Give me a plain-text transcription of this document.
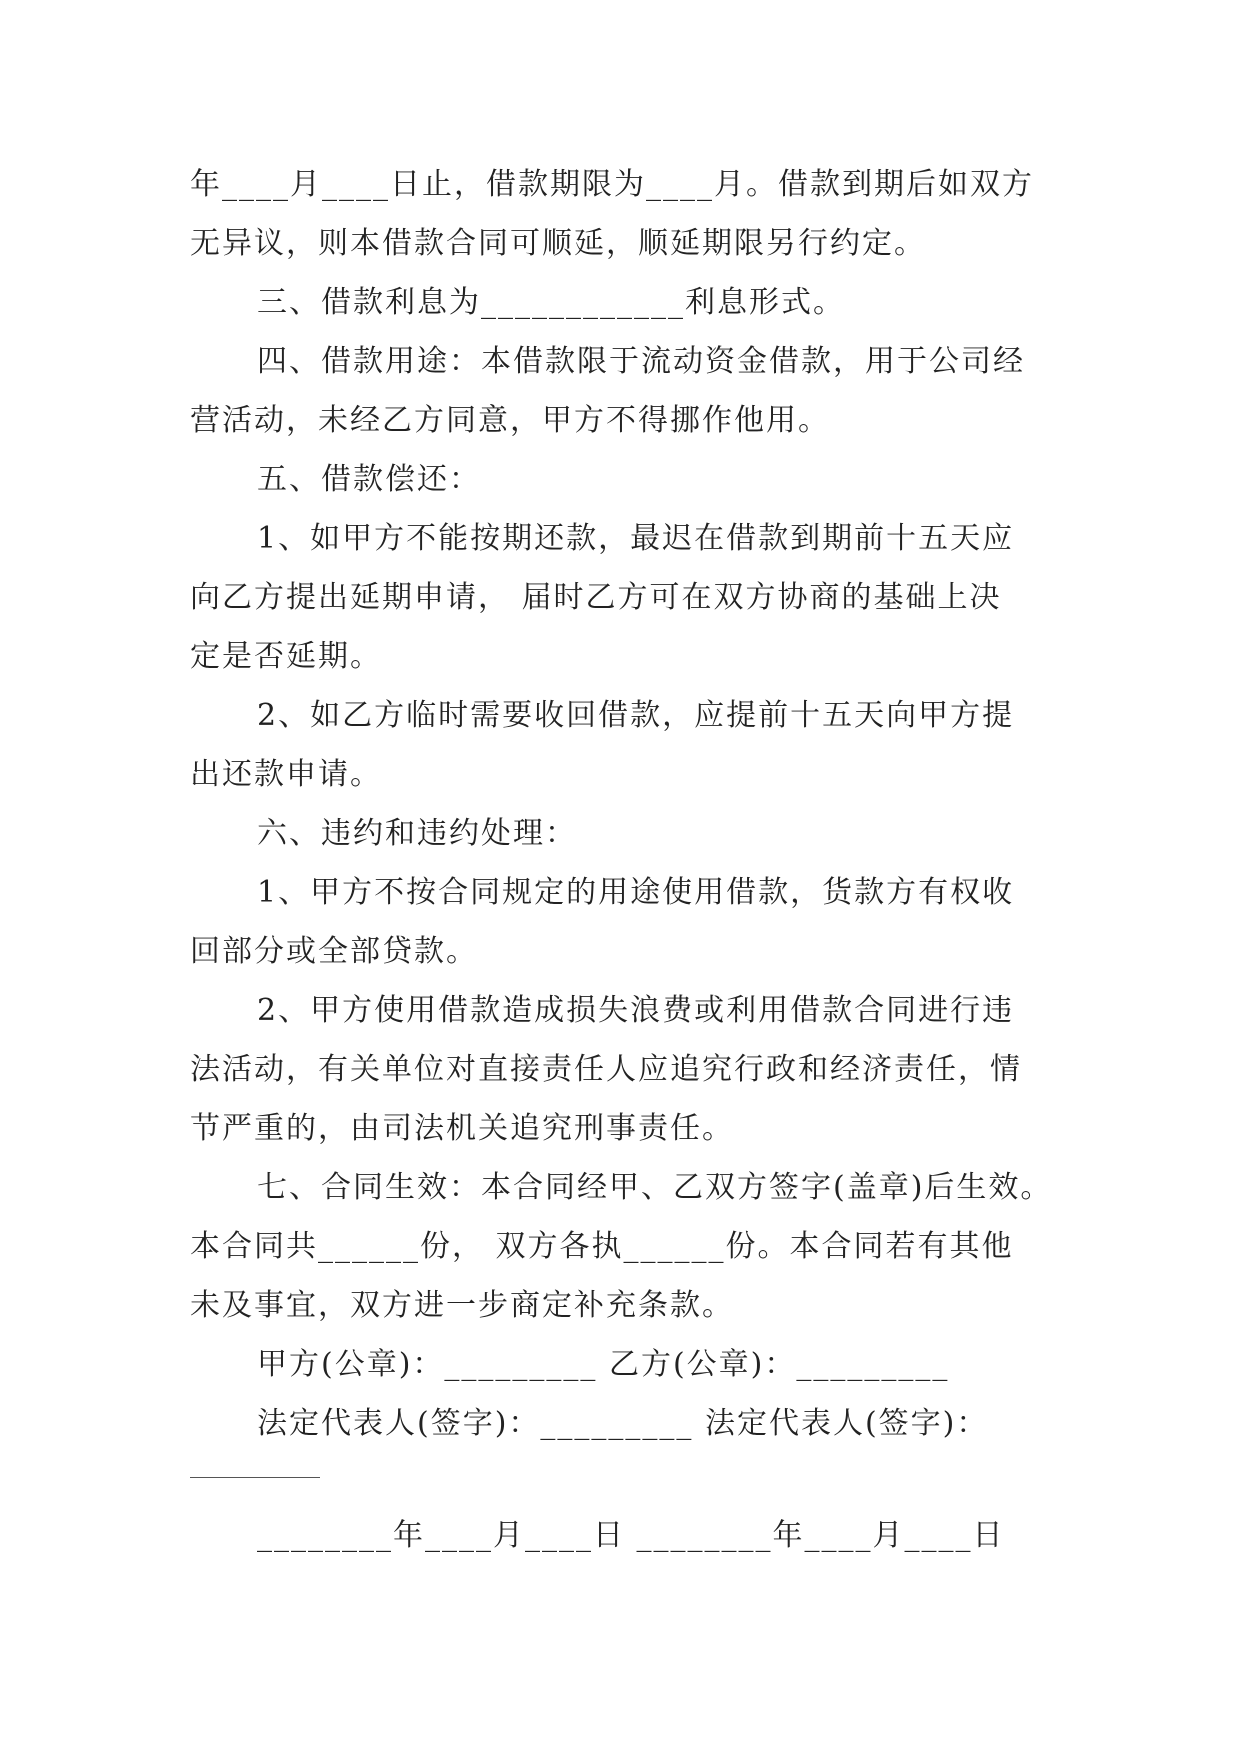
年____月____日止，借款期限为____月。借款到期后如双方
无异议，则本借款合同可顺延，顺延期限另行约定。
三、借款利息为____________利息形式。
四、借款用途：本借款限于流动资金借款，用于公司经
营活动，未经乙方同意，甲方不得挪作他用。
五、借款偿还：
1、如甲方不能按期还款，最迟在借款到期前十五天应
向乙方提出延期申请， 届时乙方可在双方协商的基础上决
定是否延期。
2、如乙方临时需要收回借款，应提前十五天向甲方提
出还款申请。
六、违约和违约处理：
1、甲方不按合同规定的用途使用借款，货款方有权收
回部分或全部贷款。
2、甲方使用借款造成损失浪费或利用借款合同进行违
法活动，有关单位对直接责任人应追究行政和经济责任，情
节严重的，由司法机关追究刑事责任。
七、合同生效：本合同经甲、乙双方签字(盖章)后生效。
本合同共______份， 双方各执______份。本合同若有其他
未及事宜，双方进一步商定补充条款。
甲方(公章)：_________ 乙方(公章)：_________
法定代表人(签字)：_________ 法定代表人(签字)：
________年____月____日 ________年____月____日
